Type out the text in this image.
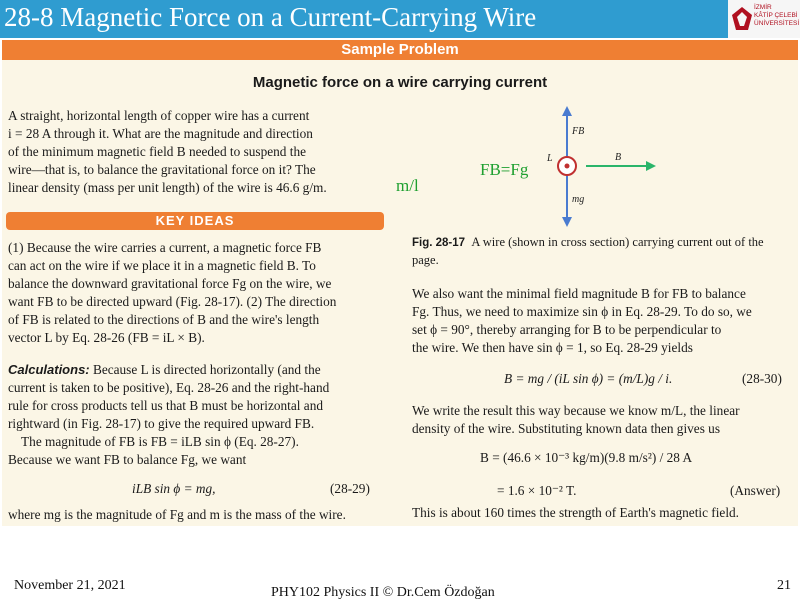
28-8 Magnetic Force on a Current-Carrying Wire	İZMİR
KÂTİP ÇELEBİ
ÜNİVERSİTESİ
Sample Problem
Magnetic force on a wire carrying current
A straight, horizontal length of copper wire has a current
i = 28 A through it. What are the magnitude and direction
of the minimum magnetic field B needed to suspend the
wire—that is, to balance the gravitational force on it? The
linear density (mass per unit length) of the wire is 46.6 g/m.	m/l
FB=Fg
KEY IDEAS
(1) Because the wire carries a current, a magnetic force FB
can act on the wire if we place it in a magnetic field B. To
balance the downward gravitational force Fg on the wire, we
want FB to be directed upward (Fig. 28-17). (2) The direction
of FB is related to the directions of B and the wire's length
vector L by Eq. 28-26 (FB = iL × B).
Calculations: Because L is directed horizontally (and the
current is taken to be positive), Eq. 28-26 and the right-hand
rule for cross products tell us that B must be horizontal and
rightward (in Fig. 28-17) to give the required upward FB.
The magnitude of FB is FB = iLB sin ϕ (Eq. 28-27).
Because we want FB to balance Fg, we want
iLB sin ϕ = mg,	(28-29)
where mg is the magnitude of Fg and m is the mass of the wire.
FB
B
L
mg
Fig. 28-17 A wire (shown in cross section) carrying current out of the page.
We also want the minimal field magnitude B for FB to balance
Fg. Thus, we need to maximize sin ϕ in Eq. 28-29. To do so, we
set ϕ = 90°, thereby arranging for B to be perpendicular to
the wire. We then have sin ϕ = 1, so Eq. 28-29 yields
B = mg / (iL sin ϕ) = (m/L)g / i.	(28-30)
We write the result this way because we know m/L, the linear
density of the wire. Substituting known data then gives us
B = (46.6 × 10⁻³ kg/m)(9.8 m/s²) / 28 A
= 1.6 × 10⁻² T.	(Answer)
This is about 160 times the strength of Earth's magnetic field.
November 21, 2021	PHY102 Physics II © Dr.Cem Özdoğan	21
